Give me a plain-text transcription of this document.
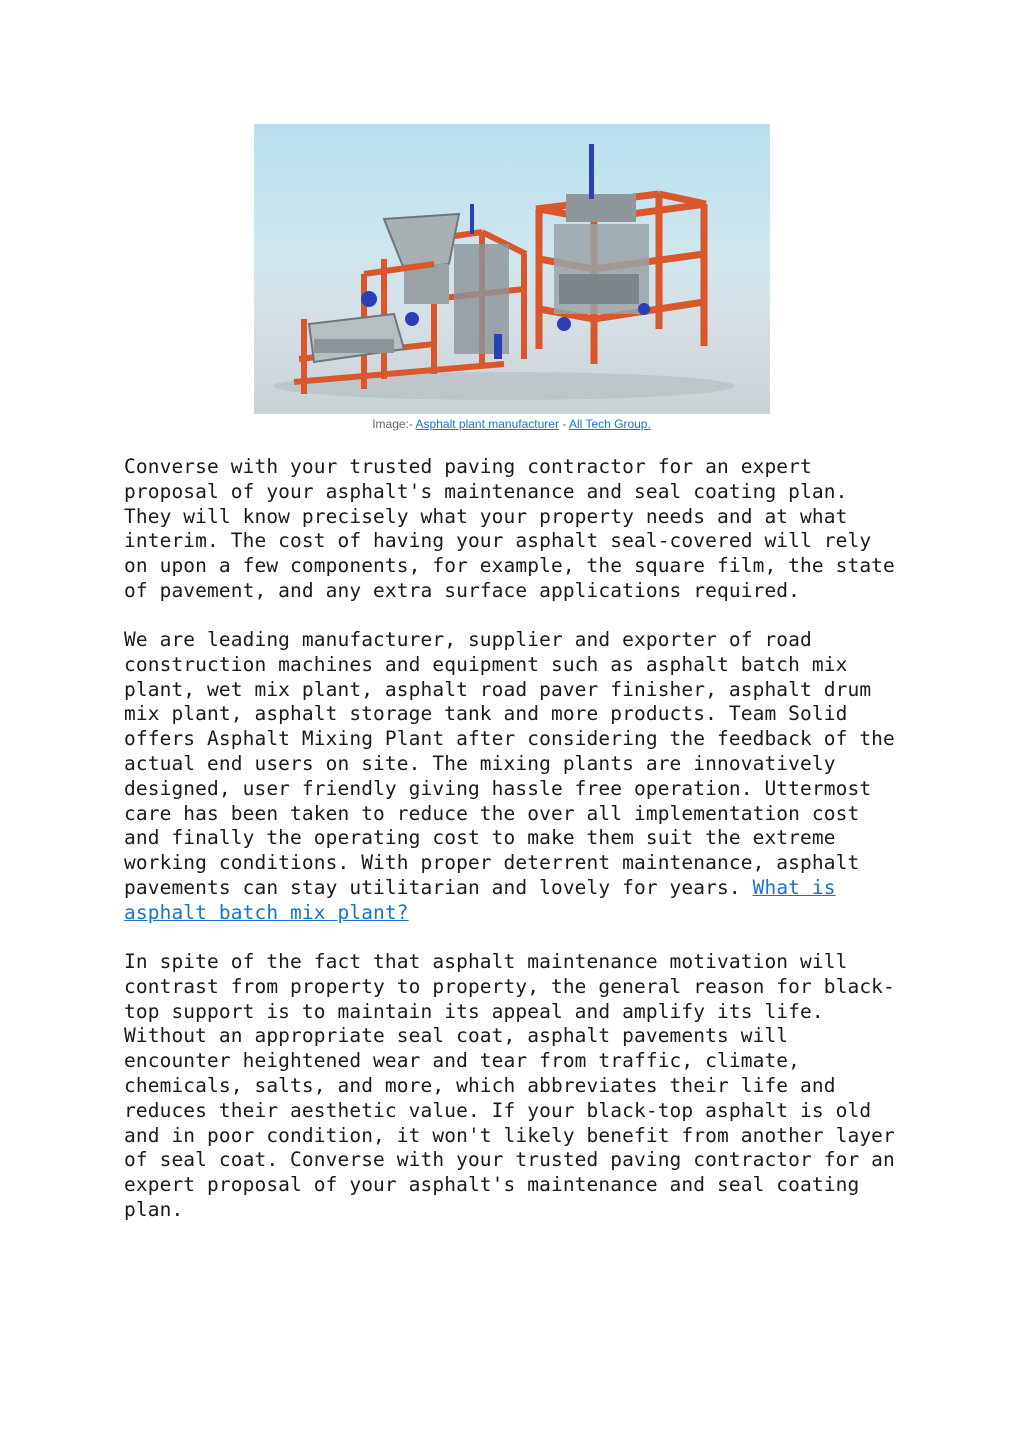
Image:- Asphalt plant manufacturer - All Tech Group.
Converse with your trusted paving contractor for an expert
proposal of your asphalt's maintenance and seal coating plan.
They will know precisely what your property needs and at what
interim. The cost of having your asphalt seal-covered will rely
on upon a few components, for example, the square film, the state
of pavement, and any extra surface applications required.
We are leading manufacturer, supplier and exporter of road
construction machines and equipment such as asphalt batch mix
plant, wet mix plant, asphalt road paver finisher, asphalt drum
mix plant, asphalt storage tank and more products. Team Solid
offers Asphalt Mixing Plant after considering the feedback of the
actual end users on site. The mixing plants are innovatively
designed, user friendly giving hassle free operation. Uttermost
care has been taken to reduce the over all implementation cost
and finally the operating cost to make them suit the extreme
working conditions. With proper deterrent maintenance, asphalt
pavements can stay utilitarian and lovely for years. What is
asphalt batch mix plant?
In spite of the fact that asphalt maintenance motivation will
contrast from property to property, the general reason for black-
top support is to maintain its appeal and amplify its life.
Without an appropriate seal coat, asphalt pavements will
encounter heightened wear and tear from traffic, climate,
chemicals, salts, and more, which abbreviates their life and
reduces their aesthetic value. If your black-top asphalt is old
and in poor condition, it won't likely benefit from another layer
of seal coat. Converse with your trusted paving contractor for an
expert proposal of your asphalt's maintenance and seal coating
plan.
